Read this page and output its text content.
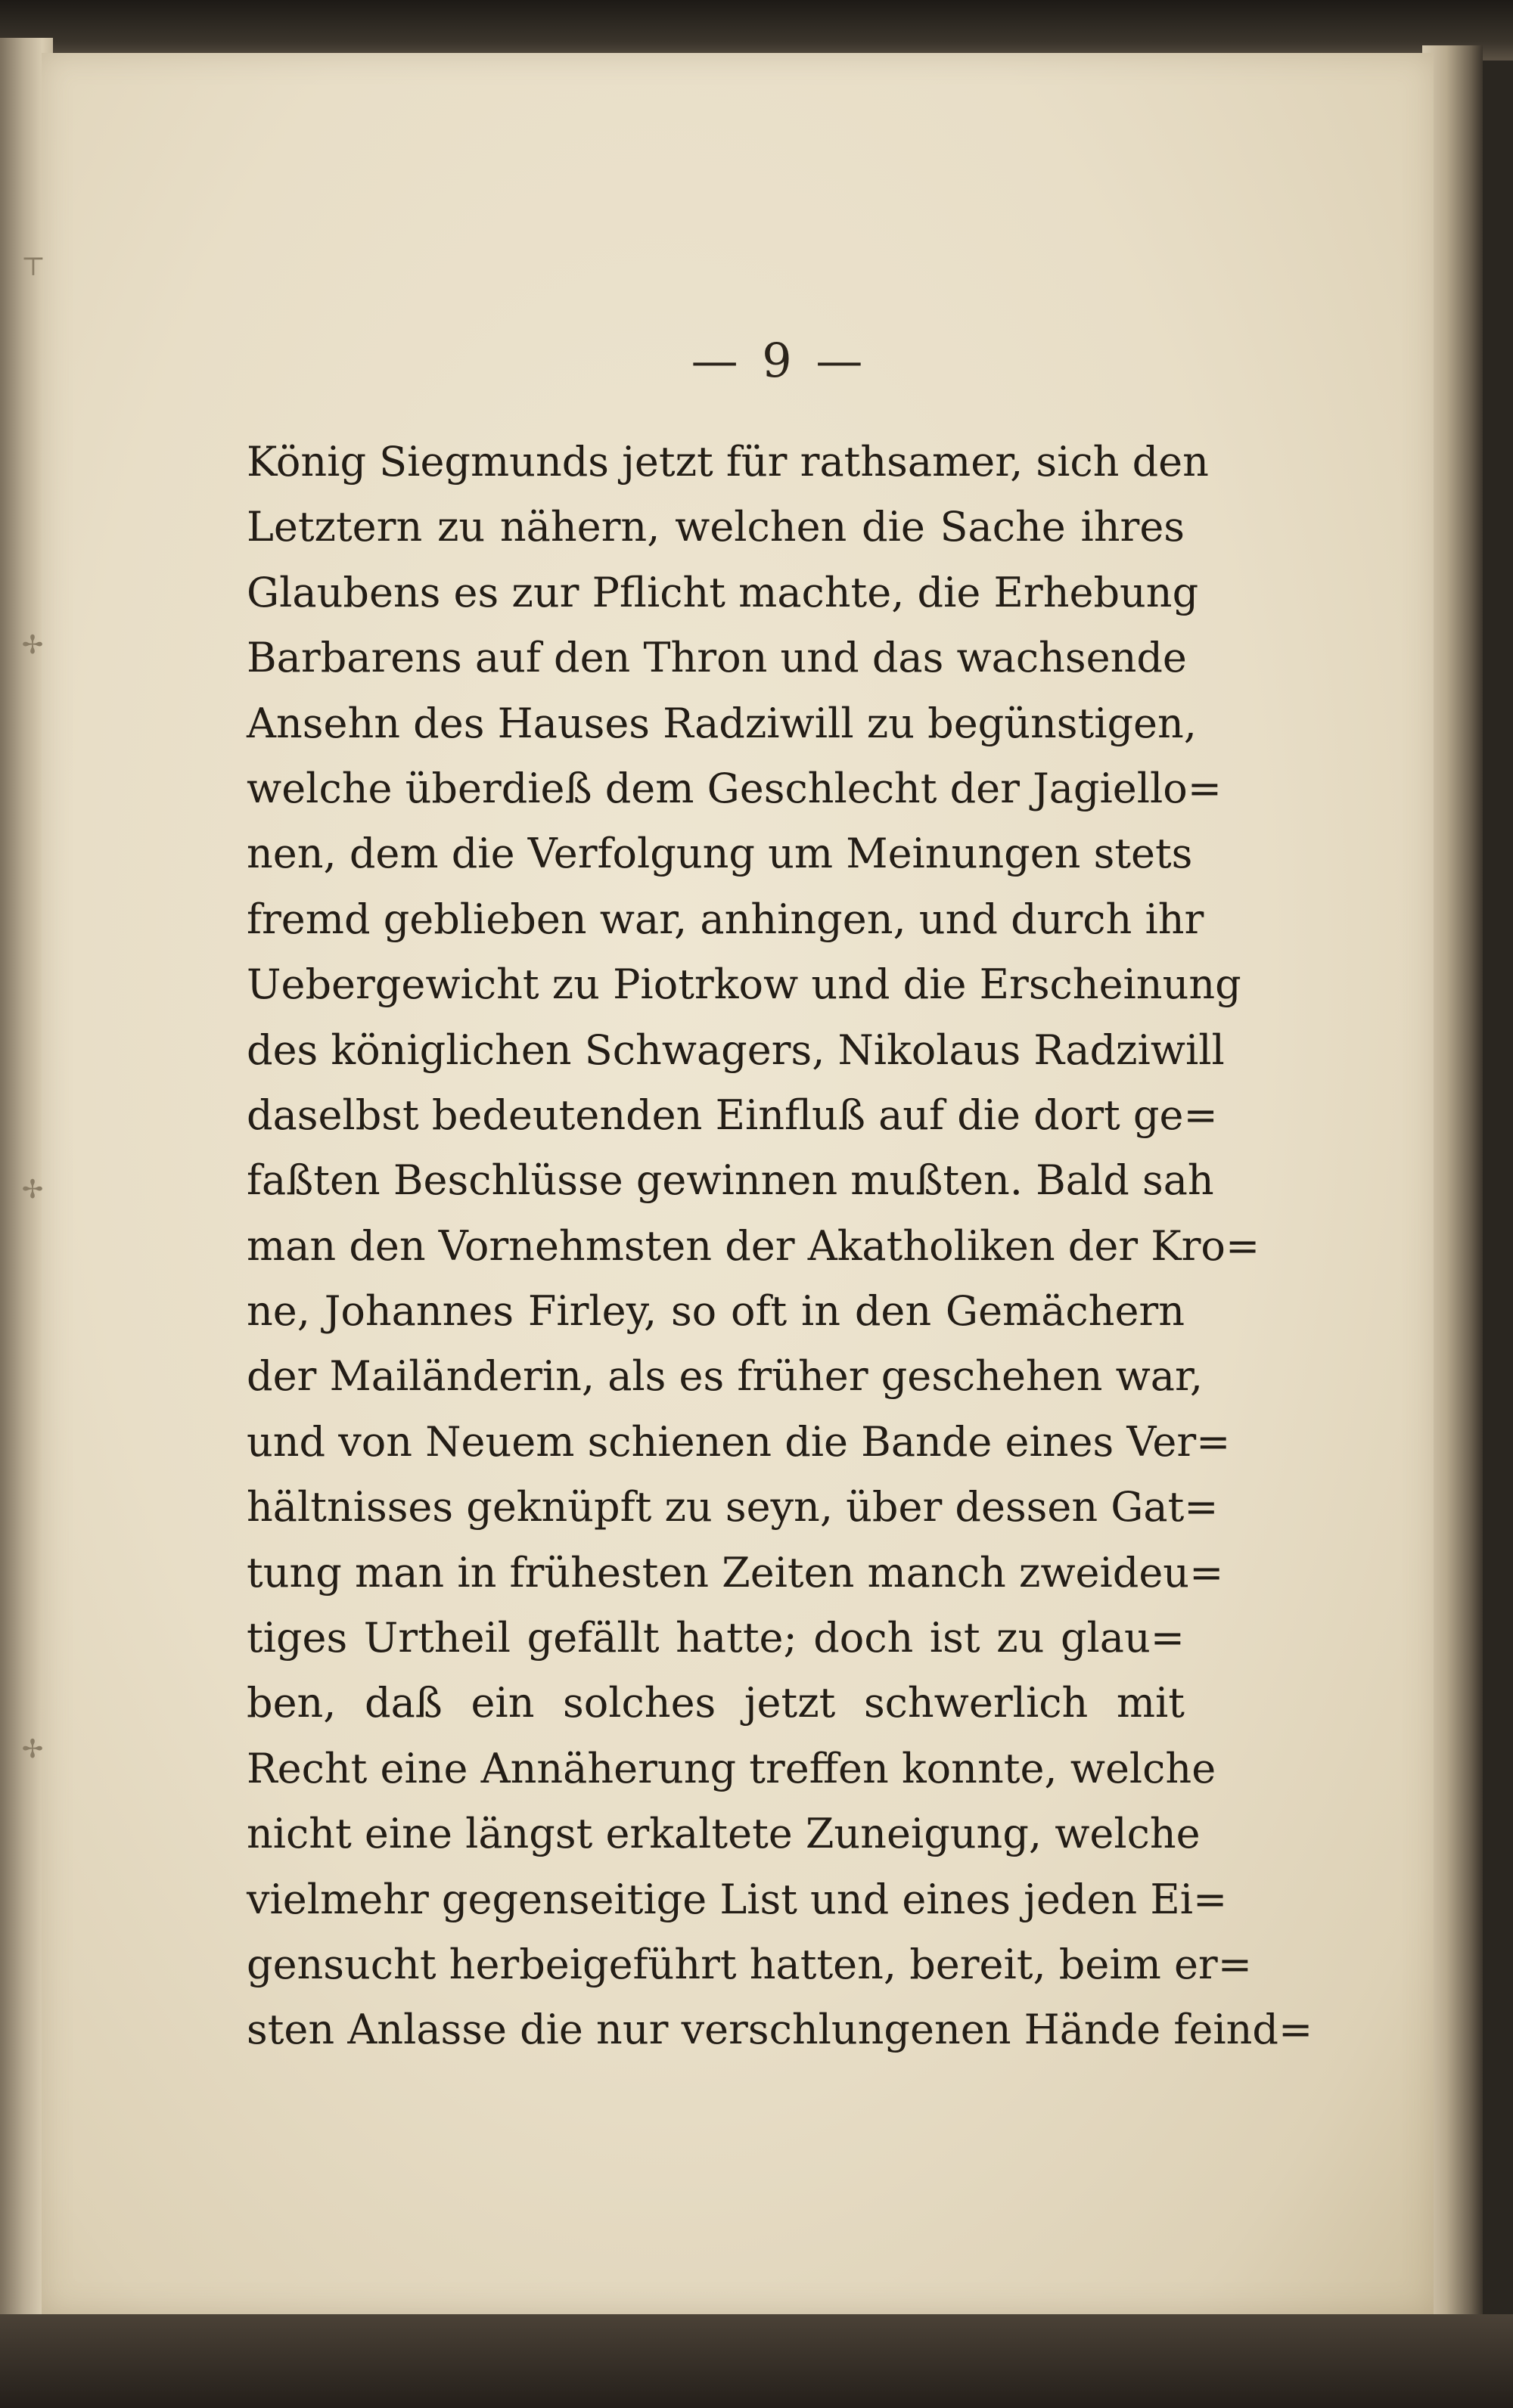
⊤
✢
✢
✢
— 9 —
König Siegmunds jetzt für rathsamer, sich den
Letztern zu nähern, welchen die Sache ihres
Glaubens es zur Pflicht machte, die Erhebung
Barbarens auf den Thron und das wachsende
Ansehn des Hauses Radziwill zu begünstigen,
welche überdieß dem Geschlecht der Jagiello=
nen, dem die Verfolgung um Meinungen stets
fremd geblieben war, anhingen, und durch ihr
Uebergewicht zu Piotrkow und die Erscheinung
des königlichen Schwagers, Nikolaus Radziwill
daselbst bedeutenden Einfluß auf die dort ge=
faßten Beschlüsse gewinnen mußten. Bald sah
man den Vornehmsten der Akatholiken der Kro=
ne, Johannes Firley, so oft in den Gemächern
der Mailänderin, als es früher geschehen war,
und von Neuem schienen die Bande eines Ver=
hältnisses geknüpft zu seyn, über dessen Gat=
tung man in frühesten Zeiten manch zweideu=
tiges Urtheil gefällt hatte; doch ist zu glau=
ben, daß ein solches jetzt schwerlich mit
Recht eine Annäherung treffen konnte, welche
nicht eine längst erkaltete Zuneigung, welche
vielmehr gegenseitige List und eines jeden Ei=
gensucht herbeigeführt hatten, bereit, beim er=
sten Anlasse die nur verschlungenen Hände feind=
